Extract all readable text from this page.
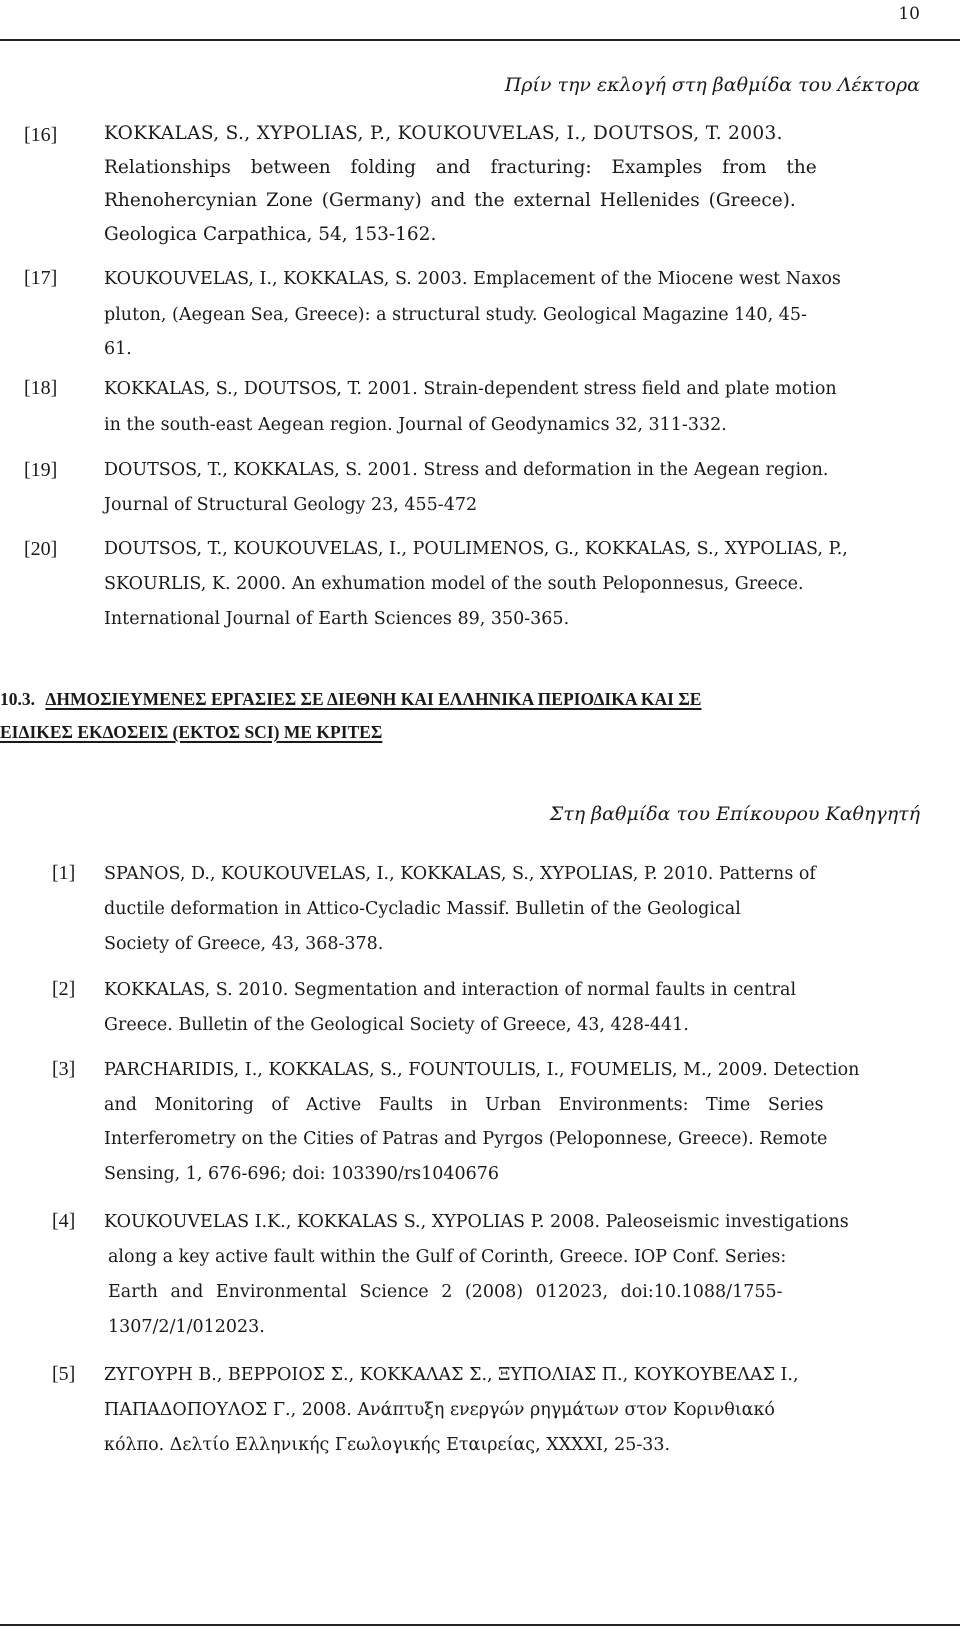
10
Πρίν την εκλογή στη βαθμίδα του Λέκτορα
[16]	KOKKALAS, S., XYPOLIAS, P., KOUKOUVELAS, I., DOUTSOS, T. 2003.
Relationships between folding and fracturing: Examples from the
Rhenohercynian Zone (Germany) and the external Hellenides (Greece).
Geologica Carpathica, 54, 153-162.
[17]	KOUKOUVELAS, I., KOKKALAS, S. 2003. Emplacement of the Miocene west Naxos
pluton, (Aegean Sea, Greece): a structural study. Geological Magazine 140, 45-
61.
[18]	KOKKALAS, S., DOUTSOS, T. 2001. Strain-dependent stress field and plate motion
in the south-east Aegean region. Journal of Geodynamics 32, 311-332.
[19]	DOUTSOS, T., KOKKALAS, S. 2001. Stress and deformation in the Aegean region.
Journal of Structural Geology 23, 455-472
[20]	DOUTSOS, T., KOUKOUVELAS, I., POULIMENOS, G., KOKKALAS, S., XYPOLIAS, P.,
SKOURLIS, K. 2000. An exhumation model of the south Peloponnesus, Greece.
International Journal of Earth Sciences 89, 350-365.
10.3. ΔΗΜΟΣΙΕΥΜΕΝΕΣ ΕΡΓΑΣΙΕΣ ΣΕ ΔΙΕΘΝΗ ΚΑΙ ΕΛΛΗΝΙΚΑ ΠΕΡΙΟΔΙΚΑ ΚΑΙ ΣΕ
ΕΙΔΙΚΕΣ ΕΚΔΟΣΕΙΣ (ΕΚΤΟΣ SCI) ΜΕ ΚΡΙΤΕΣ
Στη βαθμίδα του Επίκουρου Καθηγητή
[1] SPANOS, D., KOUKOUVELAS, I., KOKKALAS, S., XYPOLIAS, P. 2010. Patterns of
ductile deformation in Attico-Cycladic Massif. Bulletin of the Geological
Society of Greece, 43, 368-378.
[2] KOKKALAS, S. 2010. Segmentation and interaction of normal faults in central
Greece. Bulletin of the Geological Society of Greece, 43, 428-441.
[3] PARCHARIDIS, I., KOKKALAS, S., FOUNTOULIS, I., FOUMELIS, M., 2009. Detection
and Monitoring of Active Faults in Urban Environments: Time Series
Interferometry on the Cities of Patras and Pyrgos (Peloponnese, Greece). Remote
Sensing, 1, 676-696; doi: 103390/rs1040676
[4] KOUKOUVELAS I.K., KOKKALAS S., XYPOLIAS P. 2008. Paleoseismic investigations
along a key active fault within the Gulf of Corinth, Greece. IOP Conf. Series:
Earth and Environmental Science 2 (2008) 012023, doi:10.1088/1755-
1307/2/1/012023.
[5] ΖΥΓΟΥΡΗ Β., ΒΕΡΡΟΙΟΣ Σ., ΚΟΚΚΑΛΑΣ Σ., ΞΥΠΟΛΙΑΣ Π., ΚΟΥΚΟΥΒΕΛΑΣ Ι.,
ΠΑΠΑΔΟΠΟΥΛΟΣ Γ., 2008. Ανάπτυξη ενεργών ρηγμάτων στον Κορινθιακό
κόλπο. Δελτίο Ελληνικής Γεωλογικής Εταιρείας, ΧΧΧΧΙ, 25-33.
